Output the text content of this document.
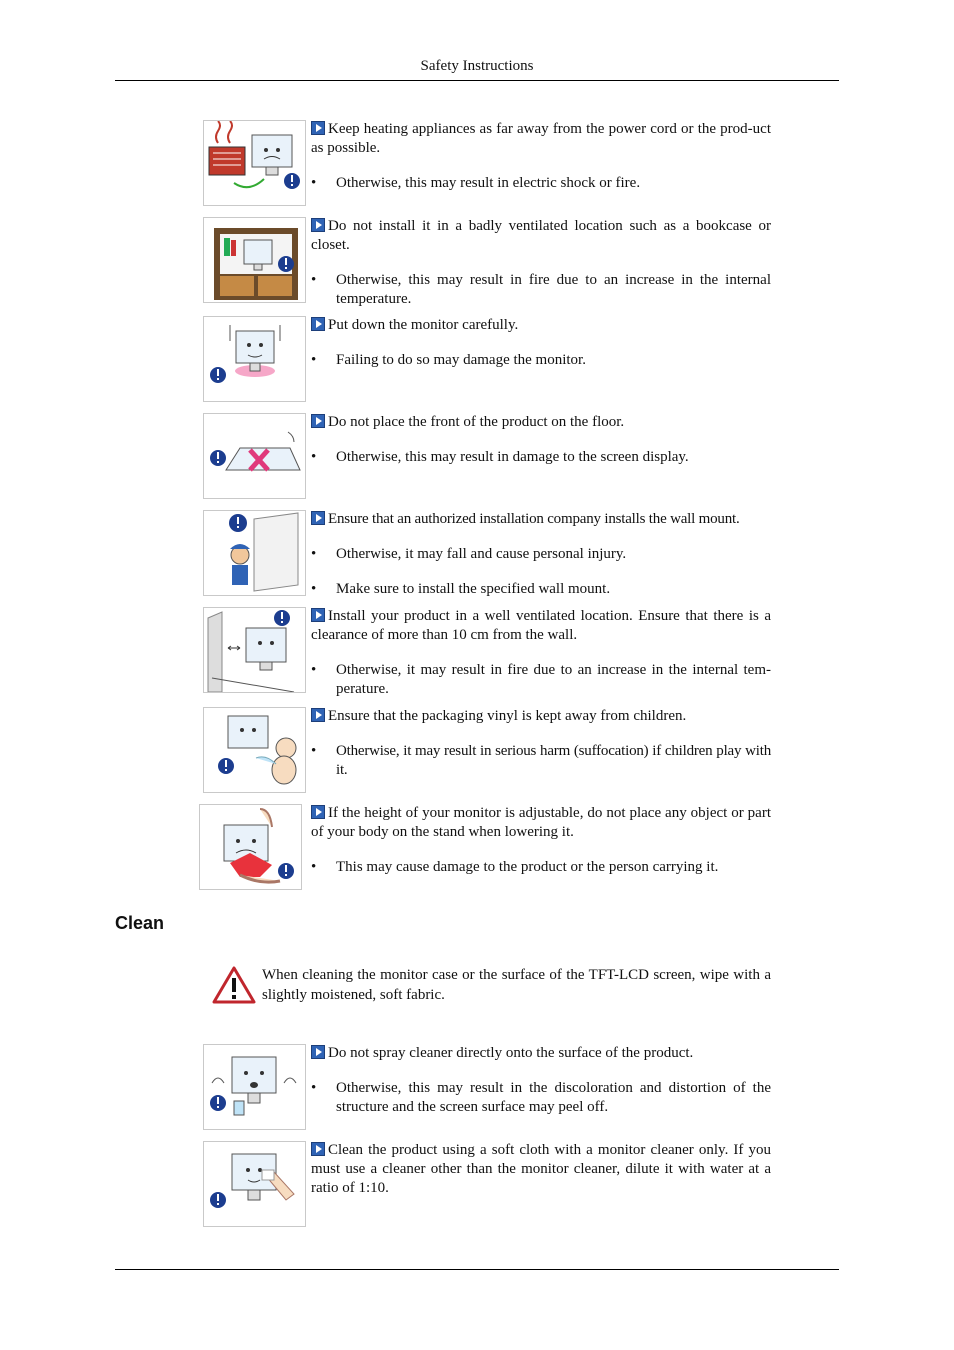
Safety Instructions
Keep heating appliances as far away from the power cord or the prod-uct as possible.
• Otherwise, this may result in electric shock or fire.
Do not install it in a badly ventilated location such as a bookcase or closet.
• Otherwise, this may result in fire due to an increase in the internal temperature.
Put down the monitor carefully.
• Failing to do so may damage the monitor.
Do not place the front of the product on the floor.
• Otherwise, this may result in damage to the screen display.
Ensure that an authorized installation company installs the wall mount.
• Otherwise, it may fall and cause personal injury.
• Make sure to install the specified wall mount.
Install your product in a well ventilated location. Ensure that there is a clearance of more than 10 cm from the wall.
• Otherwise, it may result in fire due to an increase in the internal tem-perature.
Ensure that the packaging vinyl is kept away from children.
• Otherwise, it may result in serious harm (suffocation) if children play with it.
If the height of your monitor is adjustable, do not place any object or part of your body on the stand when lowering it.
• This may cause damage to the product or the person carrying it.
Clean
When cleaning the monitor case or the surface of the TFT-LCD screen, wipe with a slightly moistened, soft fabric.
Do not spray cleaner directly onto the surface of the product.
• Otherwise, this may result in the discoloration and distortion of the structure and the screen surface may peel off.
Clean the product using a soft cloth with a monitor cleaner only. If you must use a cleaner other than the monitor cleaner, dilute it with water at a ratio of 1:10.
